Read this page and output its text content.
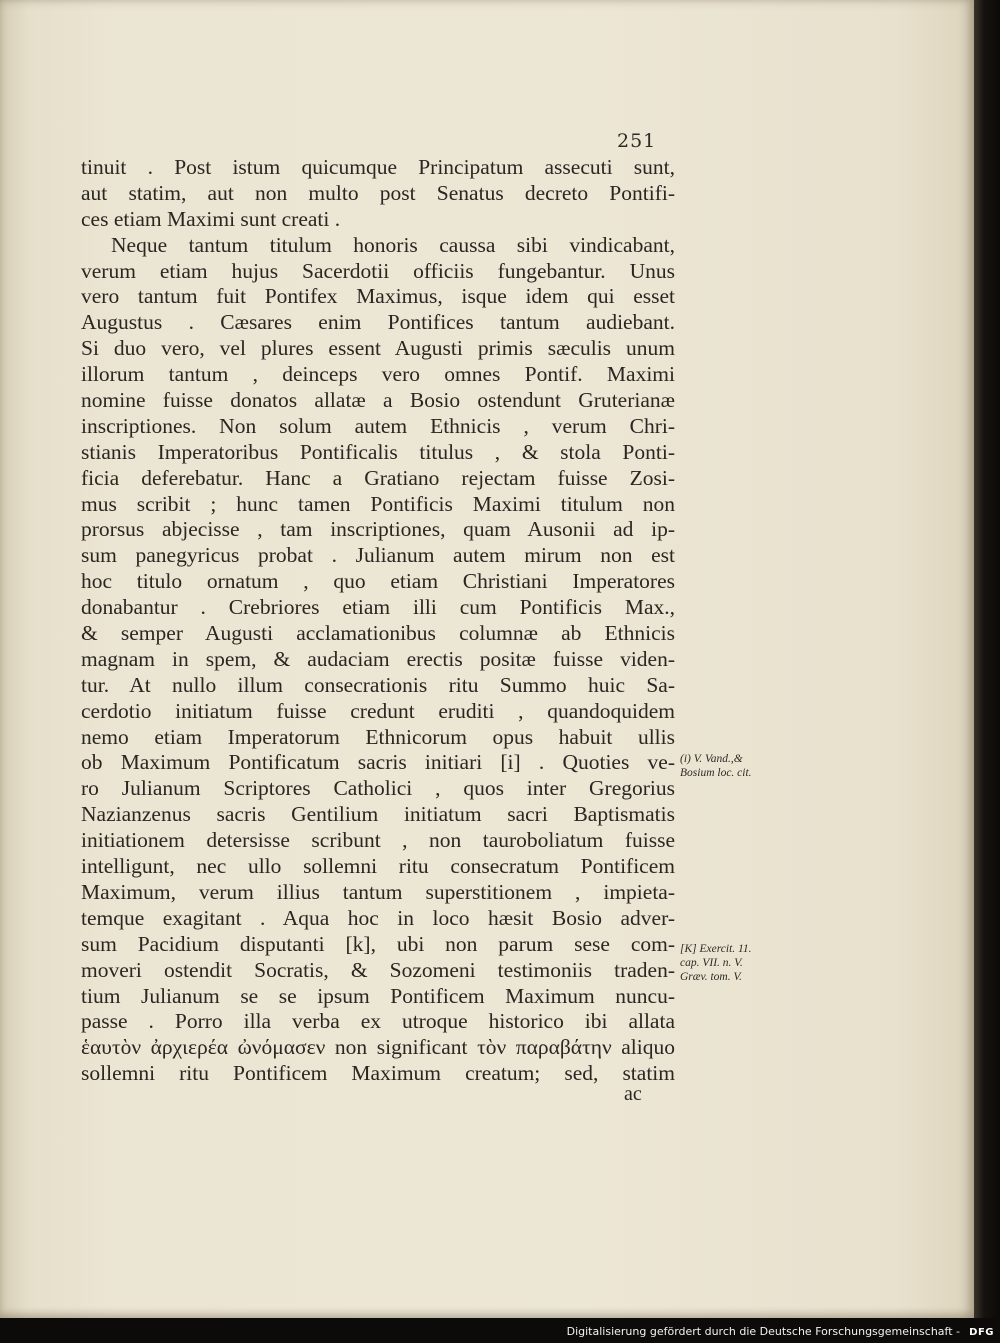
251
tinuit . Post istum quicumque Principatum assecuti sunt,
aut statim, aut non multo post Senatus decreto Pontifi-
ces etiam Maximi sunt creati .
Neque tantum titulum honoris caussa sibi vindicabant,
verum etiam hujus Sacerdotii officiis fungebantur. Unus
vero tantum fuit Pontifex Maximus, isque idem qui esset
Augustus . Cæsares enim Pontifices tantum audiebant.
Si duo vero, vel plures essent Augusti primis sæculis unum
illorum tantum , deinceps vero omnes Pontif. Maximi
nomine fuisse donatos allatæ a Bosio ostendunt Gruterianæ
inscriptiones. Non solum autem Ethnicis , verum Chri-
stianis Imperatoribus Pontificalis titulus , & stola Ponti-
ficia deferebatur. Hanc a Gratiano rejectam fuisse Zosi-
mus scribit ; hunc tamen Pontificis Maximi titulum non
prorsus abjecisse , tam inscriptiones, quam Ausonii ad ip-
sum panegyricus probat . Julianum autem mirum non est
hoc titulo ornatum , quo etiam Christiani Imperatores
donabantur . Crebriores etiam illi cum Pontificis Max.,
& semper Augusti acclamationibus columnæ ab Ethnicis
magnam in spem, & audaciam erectis positæ fuisse viden-
tur. At nullo illum consecrationis ritu Summo huic Sa-
cerdotio initiatum fuisse credunt eruditi , quandoquidem
nemo etiam Imperatorum Ethnicorum opus habuit ullis
ob Maximum Pontificatum sacris initiari [i] . Quoties ve-
ro Julianum Scriptores Catholici , quos inter Gregorius
Nazianzenus sacris Gentilium initiatum sacri Baptismatis
initiationem detersisse scribunt , non tauroboliatum fuisse
intelligunt, nec ullo sollemni ritu consecratum Pontificem
Maximum, verum illius tantum superstitionem , impieta-
temque exagitant . Aqua hoc in loco hæsit Bosio adver-
sum Pacidium disputanti [k], ubi non parum sese com-
moveri ostendit Socratis, & Sozomeni testimoniis traden-
tium Julianum se se ipsum Pontificem Maximum nuncu-
passe . Porro illa verba ex utroque historico ibi allata
ἑαυτὸν ἀρχιερέα ὠνόμασεν non significant τὸν παραβάτην aliquo
sollemni ritu Pontificem Maximum creatum; sed, statim
ac
(i) V. Vand.,&
Bosium loc. cit.
[K] Exercit. 11.
cap. VII. n. V.
Græv. tom. V.
Digitalisierung gefördert durch die Deutsche Forschungsgemeinschaft - DFG
